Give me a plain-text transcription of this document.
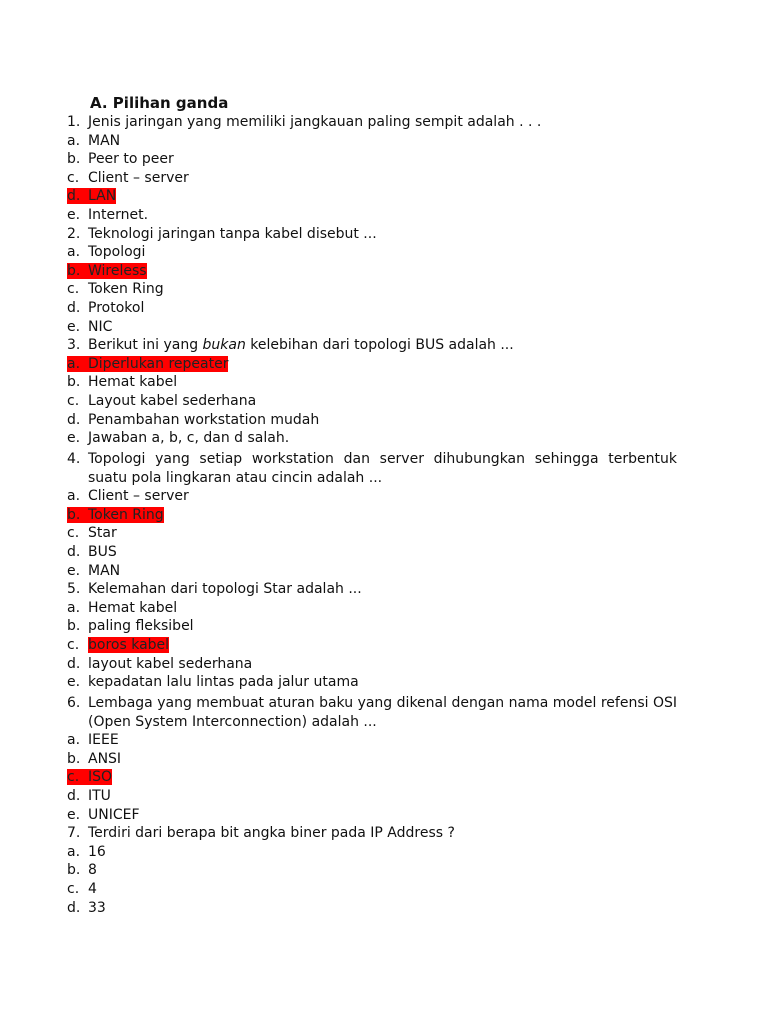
A. Pilihan ganda
1. Jenis jaringan yang memiliki jangkauan paling sempit adalah . . .
a. MAN
b. Peer to peer
c. Client – server
d. LAN
e. Internet.
2. Teknologi jaringan tanpa kabel disebut ...
a. Topologi
b. Wireless
c. Token Ring
d. Protokol
e. NIC
3. Berikut ini yang bukan kelebihan dari topologi BUS adalah ...
a. Diperlukan repeater
b. Hemat kabel
c. Layout kabel sederhana
d. Penambahan workstation mudah
e. Jawaban a, b, c, dan d salah.
4. Topologi yang setiap workstation dan server dihubungkan sehingga terbentuk suatu pola lingkaran atau cincin adalah ...
a. Client – server
b. Token Ring
c. Star
d. BUS
e. MAN
5. Kelemahan dari topologi Star adalah ...
a. Hemat kabel
b. paling fleksibel
c. boros kabel
d. layout kabel sederhana
e. kepadatan lalu lintas pada jalur utama
6. Lembaga yang membuat aturan baku yang dikenal dengan nama model refensi OSI (Open System Interconnection) adalah ...
a. IEEE
b. ANSI
c. ISO
d. ITU
e. UNICEF
7. Terdiri dari berapa bit angka biner pada IP Address ?
a. 16
b. 8
c. 4
d. 33
